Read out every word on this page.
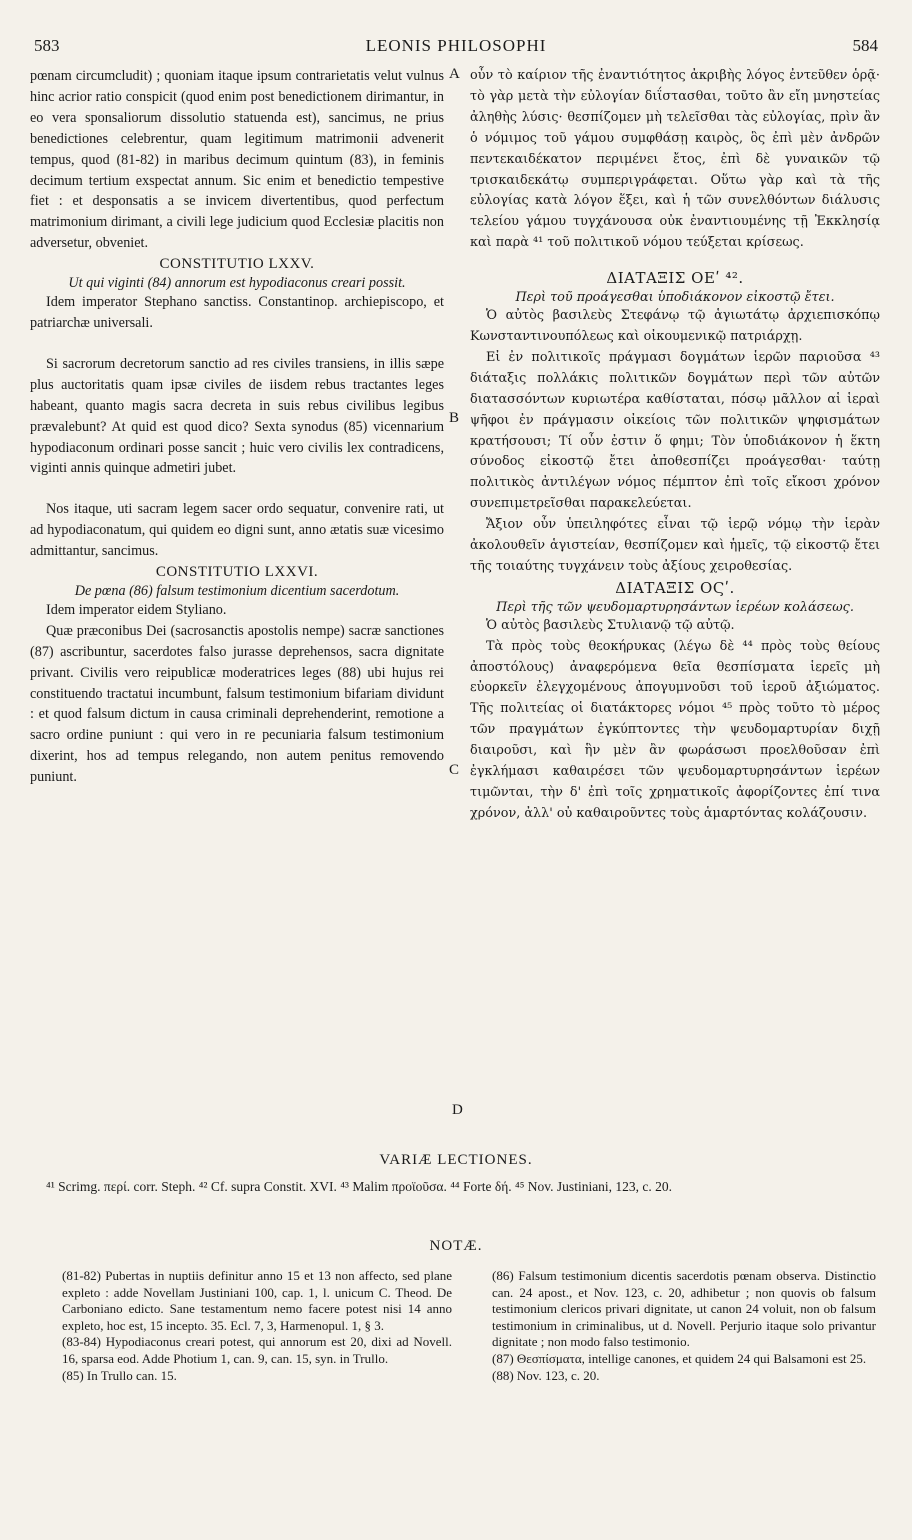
583	LEONIS PHILOSOPHI	584

pœnam circumcludit) ; quoniam itaque ipsum contrarietatis velut vulnus hinc acrior ratio conspicit (quod enim post benedictionem dirimantur, in eo vera sponsaliorum dissolutio statuenda est), sancimus, ne prius benedictiones celebrentur, quam legitimum matrimonii advenerit tempus, quod (81-82) in maribus decimum quintum (83), in feminis decimum tertium exspectat annum. Sic enim et benedictio tempestive fiet : et desponsatis a se invicem divertentibus, quod perfectum matrimonium dirimant, a civili lege judicium quod Ecclesiæ placitis non adversetur, obveniet.

CONSTITUTIO LXXV.
Ut qui viginti (84) annorum est hypodiaconus creari possit.

Idem imperator Stephano sanctiss. Constantinop. archiepiscopo, et patriarchæ universali.

Si sacrorum decretorum sanctio ad res civiles transiens, in illis sæpe plus auctoritatis quam ipsæ civiles de iisdem rebus tractantes leges habeant, quanto magis sacra decreta in suis rebus civilibus legibus prævalebunt? At quid est quod dico? Sexta synodus (85) vicennarium hypodiaconum ordinari posse sancit ; huic vero civilis lex contradicens, viginti annis quinque admetiri jubet.

Nos itaque, uti sacram legem sacer ordo sequatur, convenire rati, ut ad hypodiaconatum, qui quidem eo digni sunt, anno ætatis suæ vicesimo admittantur, sancimus.

CONSTITUTIO LXXVI.
De pœna (86) falsum testimonium dicentium sacerdotum.

Idem imperator eidem Styliano.

Quæ præconibus Dei (sacrosanctis apostolis nempe) sacræ sanctiones (87) ascribuntur, sacerdotes falso jurasse deprehensos, sacra dignitate privant. Civilis vero reipublicæ moderatrices leges (88) ubi hujus rei constituendo tractatui incumbunt, falsum testimonium bifariam dividunt : et quod falsum dictum in causa criminali deprehenderint, remotione a sacro ordine puniunt : qui vero in re pecuniaria falsum testimonium dixerint, hos ad tempus relegando, non autem penitus removendo puniunt.

A
B
C
D

οὖν τὸ καίριον τῆς ἐναντιότητος ἀκριβὴς λόγος ἐντεῦθεν ὁρᾷ· τὸ γὰρ μετὰ τὴν εὐλογίαν διΐστασθαι, τοῦτο ἂν εἴη μνηστείας ἀληθὴς λύσις· θεσπίζομεν μὴ τελεῖσθαι τὰς εὐλογίας, πρὶν ἂν ὁ νόμιμος τοῦ γάμου συμφθάσῃ καιρὸς, ὃς ἐπὶ μὲν ἀνδρῶν πεντεκαιδέκατον περιμένει ἔτος, ἐπὶ δὲ γυναικῶν τῷ τρισκαιδεκάτῳ συμπεριγράφεται. Οὕτω γὰρ καὶ τὰ τῆς εὐλογίας κατὰ λόγον ἕξει, καὶ ἡ τῶν συνελθόντων διάλυσις τελείου γάμου τυγχάνουσα οὐκ ἐναντιουμένης τῇ Ἐκκλησίᾳ καὶ παρὰ ⁴¹ τοῦ πολιτικοῦ νόμου τεύξεται κρίσεως.

ΔΙΑΤΑΞΙΣ ΟΕʹ ⁴².
Περὶ τοῦ προάγεσθαι ὑποδιάκονον εἰκοστῷ ἔτει.

Ὁ αὐτὸς βασιλεὺς Στεφάνῳ τῷ ἁγιωτάτῳ ἀρχιεπισκόπῳ Κωνσταντινουπόλεως καὶ οἰκουμενικῷ πατριάρχῃ.

Εἰ ἐν πολιτικοῖς πράγμασι δογμάτων ἱερῶν παριοῦσα ⁴³ διάταξις πολλάκις πολιτικῶν δογμάτων περὶ τῶν αὐτῶν διατασσόντων κυριωτέρα καθίσταται, πόσῳ μᾶλλον αἱ ἱεραὶ ψῆφοι ἐν πράγμασιν οἰκείοις τῶν πολιτικῶν ψηφισμάτων κρατήσουσι; Τί οὖν ἐστιν ὅ φημι; Τὸν ὑποδιάκονον ἡ ἕκτη σύνοδος εἰκοστῷ ἔτει ἀποθεσπίζει προάγεσθαι· ταύτῃ πολιτικὸς ἀντιλέγων νόμος πέμπτον ἐπὶ τοῖς εἴκοσι χρόνον συνεπιμετρεῖσθαι παρακελεύεται.

Ἄξιον οὖν ὑπειληφότες εἶναι τῷ ἱερῷ νόμῳ τὴν ἱερὰν ἀκολουθεῖν ἁγιστείαν, θεσπίζομεν καὶ ἡμεῖς, τῷ εἰκοστῷ ἔτει τῆς τοιαύτης τυγχάνειν τοὺς ἀξίους χειροθεσίας.

ΔΙΑΤΑΞΙΣ ΟϚʹ.
Περὶ τῆς τῶν ψευδομαρτυρησάντων ἱερέων κολάσεως.

Ὁ αὐτὸς βασιλεὺς Στυλιανῷ τῷ αὐτῷ.

Τὰ πρὸς τοὺς θεοκήρυκας (λέγω δὲ ⁴⁴ πρὸς τοὺς θείους ἀποστόλους) ἀναφερόμενα θεῖα θεσπίσματα ἱερεῖς μὴ εὐορκεῖν ἐλεγχομένους ἀπογυμνοῦσι τοῦ ἱεροῦ ἀξιώματος. Τῆς πολιτείας οἱ διατάκτορες νόμοι ⁴⁵ πρὸς τοῦτο τὸ μέρος τῶν πραγμάτων ἐγκύπτοντες τὴν ψευδομαρτυρίαν διχῇ διαιροῦσι, καὶ ἣν μὲν ἂν φωράσωσι προελθοῦσαν ἐπὶ ἐγκλήμασι καθαιρέσει τῶν ψευδομαρτυρησάντων ἱερέων τιμῶνται, τὴν δ' ἐπὶ τοῖς χρηματικοῖς ἀφορίζοντες ἐπί τινα χρόνον, ἀλλ' οὐ καθαιροῦντες τοὺς ἁμαρτόντας κολάζουσιν.

VARIÆ LECTIONES.
⁴¹ Scrimg. περί. corr. Steph. ⁴² Cf. supra Constit. XVI. ⁴³ Malim προϊοῦσα. ⁴⁴ Forte δή. ⁴⁵ Nov. Justiniani, 123, c. 20.
NOTÆ.

(81-82) Pubertas in nuptiis definitur anno 15 et 13 non affecto, sed plane expleto : adde Novellam Justiniani 100, cap. 1, l. unicum C. Theod. De Carboniano edicto. Sane testamentum nemo facere potest nisi 14 anno expleto, hoc est, 15 incepto. 35. Ecl. 7, 3, Harmenopul. 1, § 3.

(83-84) Hypodiaconus creari potest, qui annorum est 20, dixi ad Novell. 16, sparsa eod. Adde Photium 1, can. 9, can. 15, syn. in Trullo.

(85) In Trullo can. 15.

(86) Falsum testimonium dicentis sacerdotis pœnam observa. Distinctio can. 24 apost., et Nov. 123, c. 20, adhibetur ; non quovis ob falsum testimonium clericos privari dignitate, ut canon 24 voluit, non ob falsum testimonium in criminalibus, ut d. Novell. Perjurio itaque solo privantur dignitate ; non modo falso testimonio.

(87) Θεσπίσματα, intellige canones, et quidem 24 qui Balsamoni est 25.

(88) Nov. 123, c. 20.
